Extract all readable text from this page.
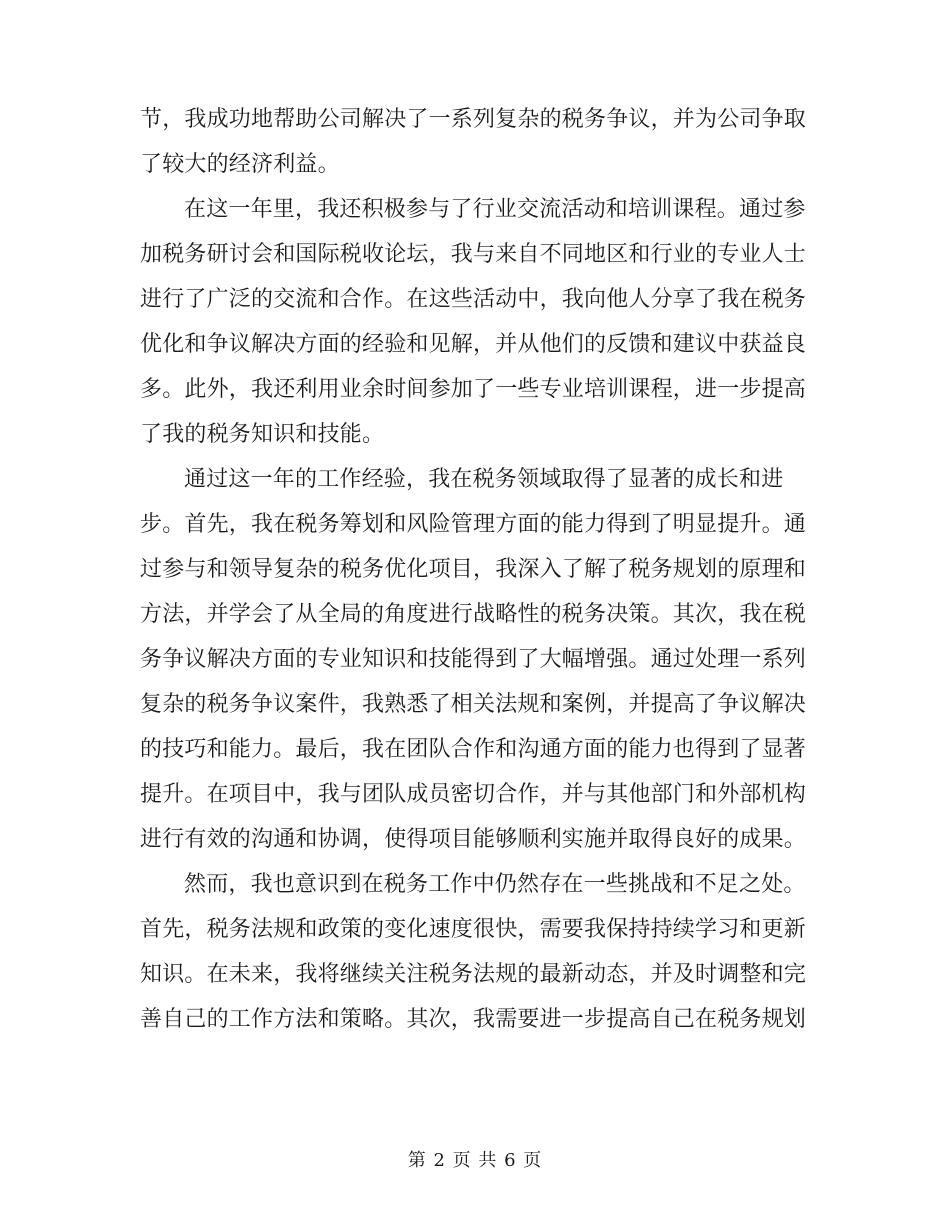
节，我成功地帮助公司解决了一系列复杂的税务争议，并为公司争取
了较大的经济利益。
在这一年里，我还积极参与了行业交流活动和培训课程。通过参
加税务研讨会和国际税收论坛，我与来自不同地区和行业的专业人士
进行了广泛的交流和合作。在这些活动中，我向他人分享了我在税务
优化和争议解决方面的经验和见解，并从他们的反馈和建议中获益良
多。此外，我还利用业余时间参加了一些专业培训课程，进一步提高
了我的税务知识和技能。
通过这一年的工作经验，我在税务领域取得了显著的成长和进
步。首先，我在税务筹划和风险管理方面的能力得到了明显提升。通
过参与和领导复杂的税务优化项目，我深入了解了税务规划的原理和
方法，并学会了从全局的角度进行战略性的税务决策。其次，我在税
务争议解决方面的专业知识和技能得到了大幅增强。通过处理一系列
复杂的税务争议案件，我熟悉了相关法规和案例，并提高了争议解决
的技巧和能力。最后，我在团队合作和沟通方面的能力也得到了显著
提升。在项目中，我与团队成员密切合作，并与其他部门和外部机构
进行有效的沟通和协调，使得项目能够顺利实施并取得良好的成果。
然而，我也意识到在税务工作中仍然存在一些挑战和不足之处。
首先，税务法规和政策的变化速度很快，需要我保持持续学习和更新
知识。在未来，我将继续关注税务法规的最新动态，并及时调整和完
善自己的工作方法和策略。其次，我需要进一步提高自己在税务规划
第 2 页 共 6 页
